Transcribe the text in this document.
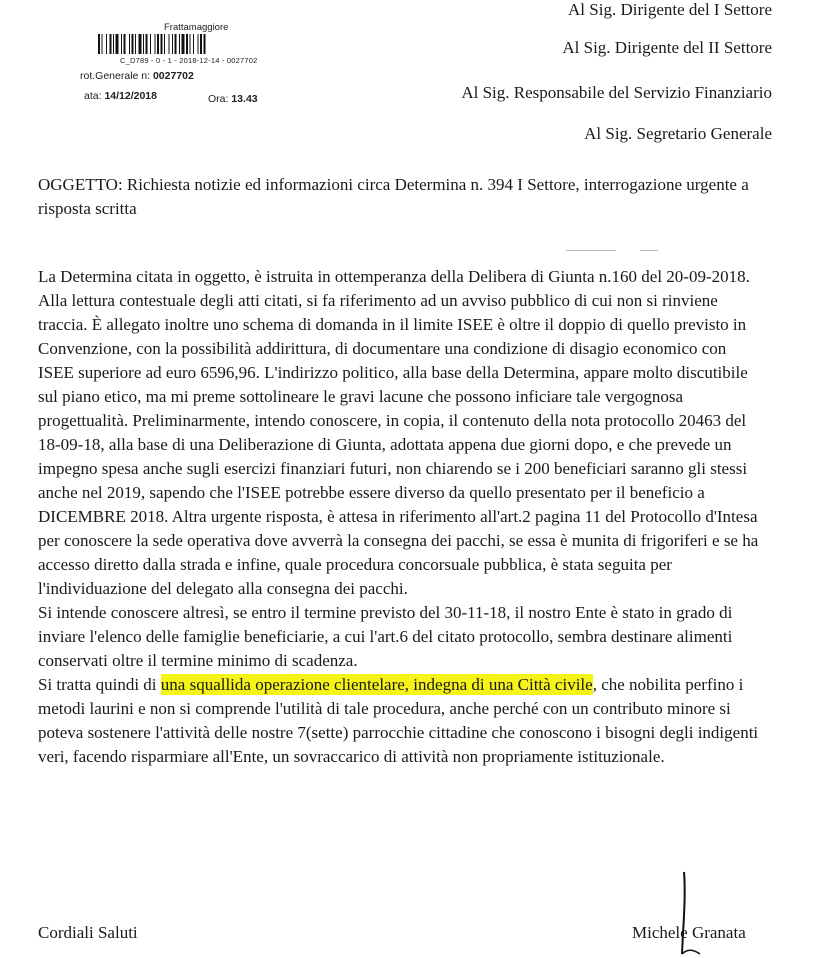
Frattamaggiore
C_D789 - 0 - 1 - 2018-12-14 - 0027702
rot.Generale n: 0027702
ata: 14/12/2018	Ora: 13.43
Al Sig. Dirigente del I Settore
Al Sig. Dirigente del II Settore
Al Sig. Responsabile del Servizio Finanziario
Al Sig. Segretario Generale
OGGETTO: Richiesta notizie ed informazioni circa Determina n. 394 I Settore, interrogazione urgente a risposta scritta

La Determina citata in oggetto, è istruita in ottemperanza della Delibera di Giunta n.160 del 20-09-2018.

Alla lettura contestuale degli atti citati, si fa riferimento ad un avviso pubblico di cui non si rinviene traccia. È allegato inoltre uno schema di domanda in il limite ISEE è oltre il doppio di quello previsto in Convenzione, con la possibilità addirittura, di documentare una condizione di disagio economico con ISEE superiore ad euro 6596,96. L'indirizzo politico, alla base della Determina, appare molto discutibile sul piano etico, ma mi preme sottolineare le gravi lacune che possono inficiare tale vergognosa progettualità. Preliminarmente, intendo conoscere, in copia, il contenuto della nota protocollo 20463 del 18-09-18, alla base di una Deliberazione di Giunta, adottata appena due giorni dopo, e che prevede un impegno spesa anche sugli esercizi finanziari futuri, non chiarendo se i 200 beneficiari saranno gli stessi anche nel 2019, sapendo che l'ISEE potrebbe essere diverso da quello presentato per il beneficio a DICEMBRE 2018. Altra urgente risposta, è attesa in riferimento all'art.2 pagina 11 del Protocollo d'Intesa per conoscere la sede operativa dove avverrà la consegna dei pacchi, se essa è munita di frigoriferi e se ha accesso diretto dalla strada e infine, quale procedura concorsuale pubblica, è stata seguita per l'individuazione del delegato alla consegna dei pacchi.

Si intende conoscere altresì, se entro il termine previsto del 30-11-18, il nostro Ente è stato in grado di inviare l'elenco delle famiglie beneficiarie, a cui l'art.6 del citato protocollo, sembra destinare alimenti conservati oltre il termine minimo di scadenza.

Si tratta quindi di una squallida operazione clientelare, indegna di una Città civile, che nobilita perfino i metodi laurini e non si comprende l'utilità di tale procedura, anche perché con un contributo minore si poteva sostenere l'attività delle nostre 7(sette) parrocchie cittadine che conoscono i bisogni degli indigenti veri, facendo risparmiare all'Ente, un sovraccarico di attività non propriamente istituzionale.

Cordiali Saluti	Michele Granata
